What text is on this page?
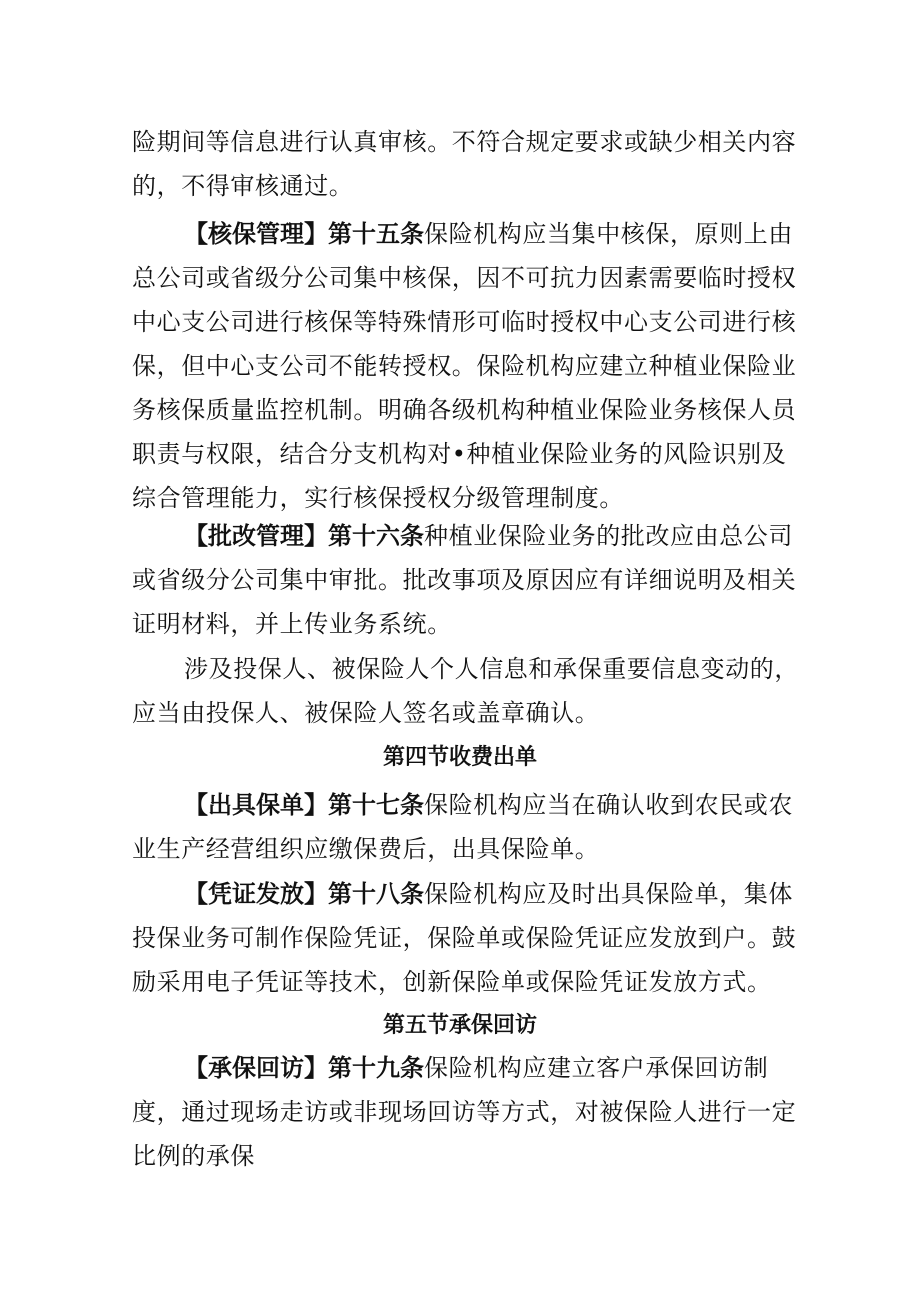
险期间等信息进行认真审核。不符合规定要求或缺少相关内容的，不得审核通过。

【核保管理】第十五条保险机构应当集中核保，原则上由总公司或省级分公司集中核保，因不可抗力因素需要临时授权中心支公司进行核保等特殊情形可临时授权中心支公司进行核保，但中心支公司不能转授权。保险机构应建立种植业保险业务核保质量监控机制。明确各级机构种植业保险业务核保人员职责与权限，结合分支机构对•种植业保险业务的风险识别及综合管理能力，实行核保授权分级管理制度。

【批改管理】第十六条种植业保险业务的批改应由总公司或省级分公司集中审批。批改事项及原因应有详细说明及相关证明材料，并上传业务系统。

涉及投保人、被保险人个人信息和承保重要信息变动的，应当由投保人、被保险人签名或盖章确认。

第四节收费出单

【出具保单】第十七条保险机构应当在确认收到农民或农业生产经营组织应缴保费后，出具保险单。

【凭证发放】第十八条保险机构应及时出具保险单，集体投保业务可制作保险凭证，保险单或保险凭证应发放到户。鼓励采用电子凭证等技术，创新保险单或保险凭证发放方式。

第五节承保回访

【承保回访】第十九条保险机构应建立客户承保回访制度，通过现场走访或非现场回访等方式，对被保险人进行一定比例的承保
